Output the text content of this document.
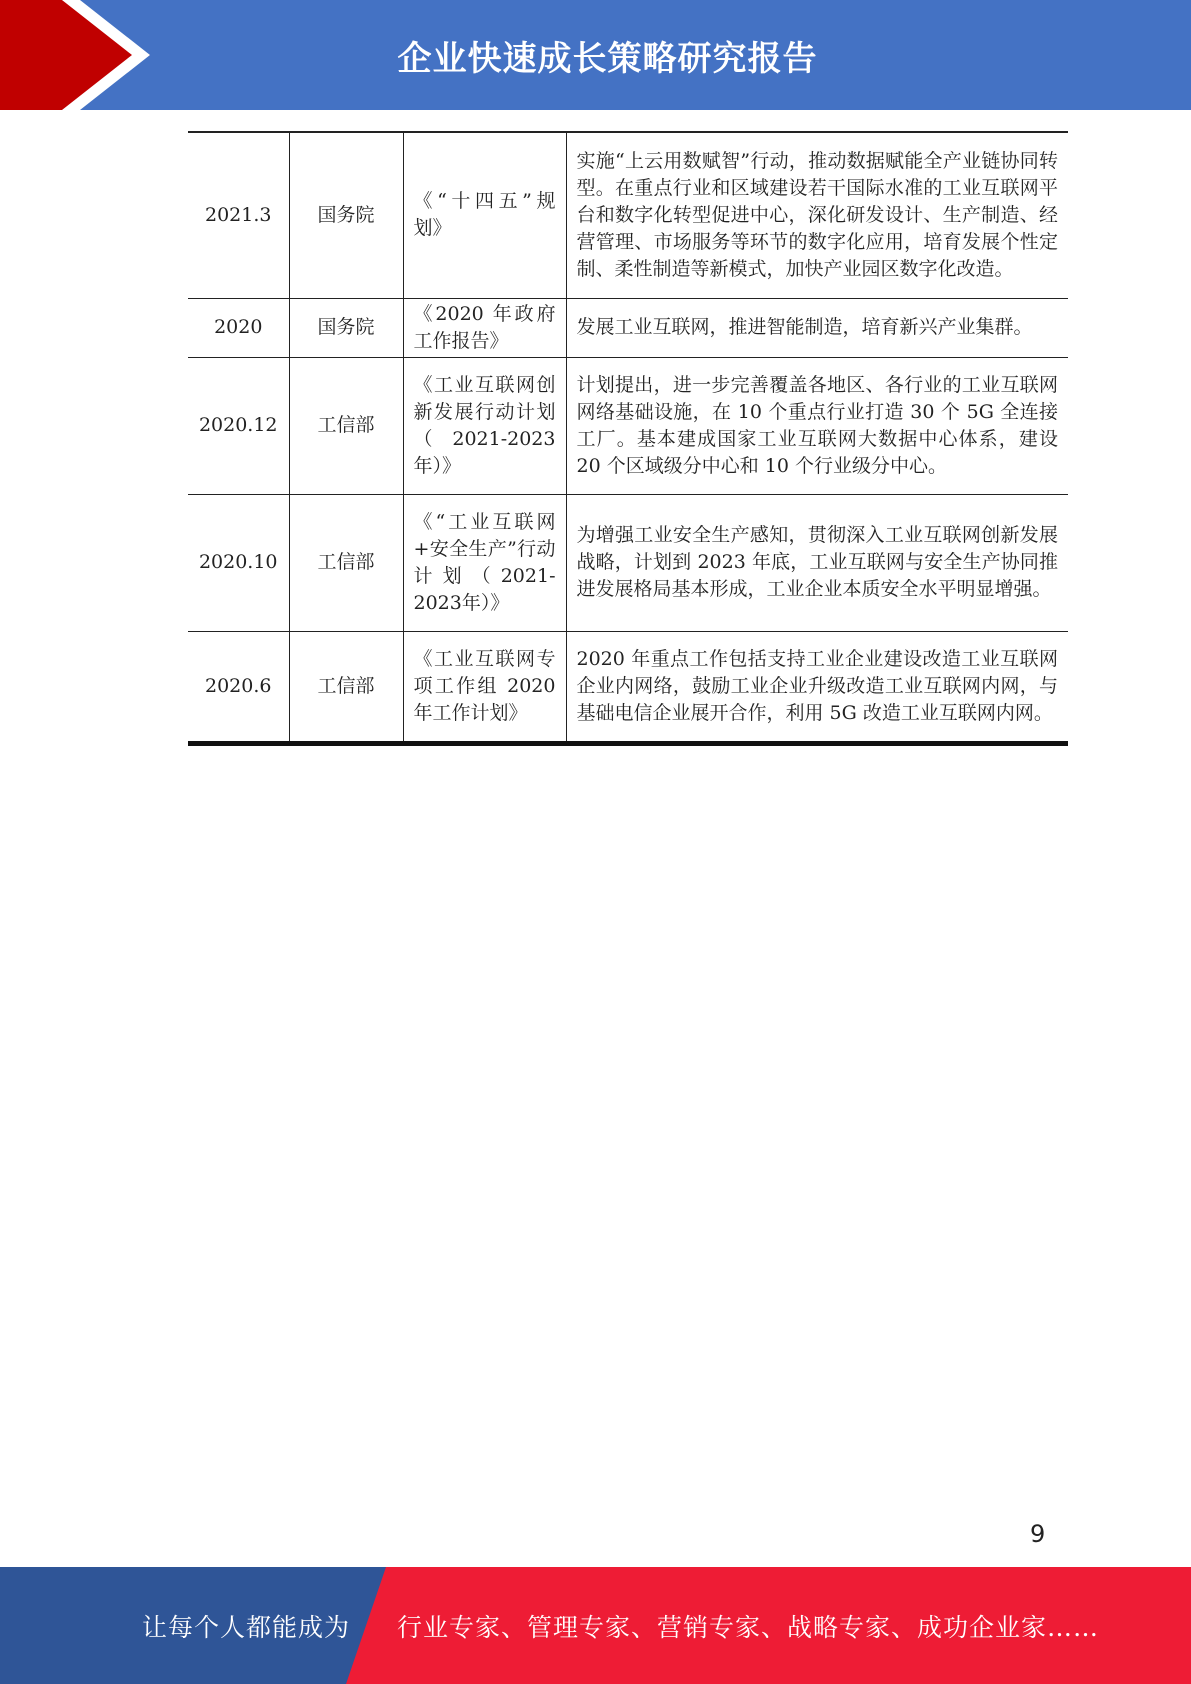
企业快速成长策略研究报告
2021.3	国务院	《“十四五”规划》	实施“上云用数赋智”行动，推动数据赋能全产业链协同转型。在重点行业和区域建设若干国际水准的工业互联网平台和数字化转型促进中心，深化研发设计、生产制造、经营管理、市场服务等环节的数字化应用，培育发展个性定制、柔性制造等新模式，加快产业园区数字化改造。
2020	国务院	《2020 年政府工作报告》	发展工业互联网，推进智能制造，培育新兴产业集群。
2020.12	工信部	《工业互联网创新发展行动计划（2021-2023年）》	计划提出，进一步完善覆盖各地区、各行业的工业互联网网络基础设施，在 10 个重点行业打造 30 个 5G 全连接工厂。基本建成国家工业互联网大数据中心体系，建设 20 个区域级分中心和 10 个行业级分中心。
2020.10	工信部	《“工业互联网+安全生产”行动计划（2021-2023年）》	为增强工业安全生产感知，贯彻深入工业互联网创新发展战略，计划到 2023 年底，工业互联网与安全生产协同推进发展格局基本形成，工业企业本质安全水平明显增强。
2020.6	工信部	《工业互联网专项工作组 2020 年工作计划》	2020 年重点工作包括支持工业企业建设改造工业互联网企业内网络，鼓励工业企业升级改造工业互联网内网，与基础电信企业展开合作，利用 5G 改造工业互联网内网。
9
让每个人都能成为 行业专家、管理专家、营销专家、战略专家、成功企业家……
